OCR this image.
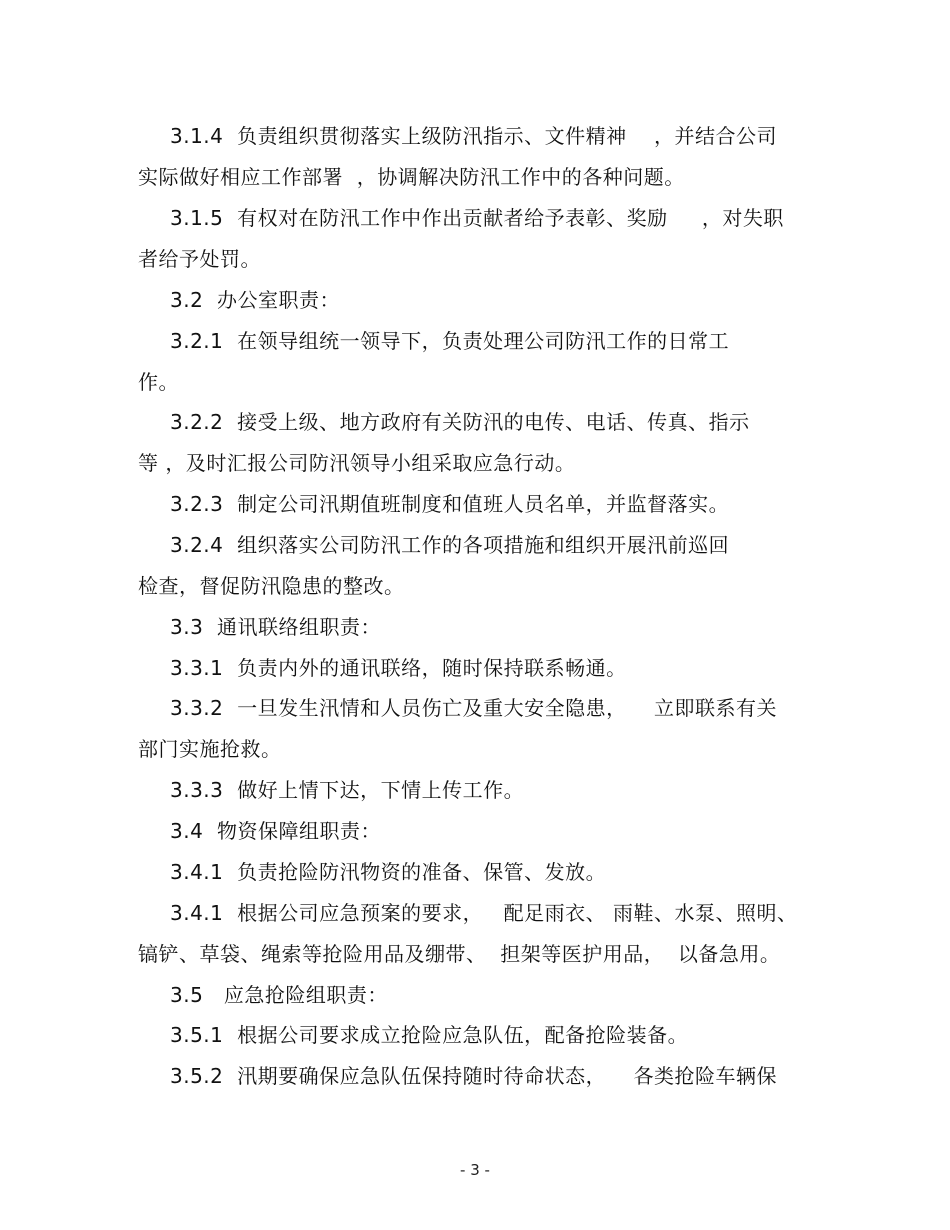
3.1.4  负责组织贯彻落实上级防汛指示、文件精神    ，并结合公司
实际做好相应工作部署  ，协调解决防汛工作中的各种问题。
3.1.5  有权对在防汛工作中作出贡献者给予表彰、奖励     ，对失职
者给予处罚。
3.2  办公室职责：
3.2.1  在领导组统一领导下，负责处理公司防汛工作的日常工
作。
3.2.2  接受上级、地方政府有关防汛的电传、电话、传真、指示
等 ，及时汇报公司防汛领导小组采取应急行动。
3.2.3  制定公司汛期值班制度和值班人员名单，并监督落实。
3.2.4  组织落实公司防汛工作的各项措施和组织开展汛前巡回
检查，督促防汛隐患的整改。
3.3  通讯联络组职责：
3.3.1  负责内外的通讯联络，随时保持联系畅通。
3.3.2  一旦发生汛情和人员伤亡及重大安全隐患，    立即联系有关
部门实施抢救。
3.3.3  做好上情下达，下情上传工作。
3.4  物资保障组职责：
3.4.1  负责抢险防汛物资的准备、保管、发放。
3.4.1  根据公司应急预案的要求，   配足雨衣、 雨鞋、水泵、照明、
镐铲、草袋、绳索等抢险用品及绷带、  担架等医护用品，  以备急用。
3.5   应急抢险组职责：
3.5.1  根据公司要求成立抢险应急队伍，配备抢险装备。
3.5.2  汛期要确保应急队伍保持随时待命状态，    各类抢险车辆保
- 3 -
